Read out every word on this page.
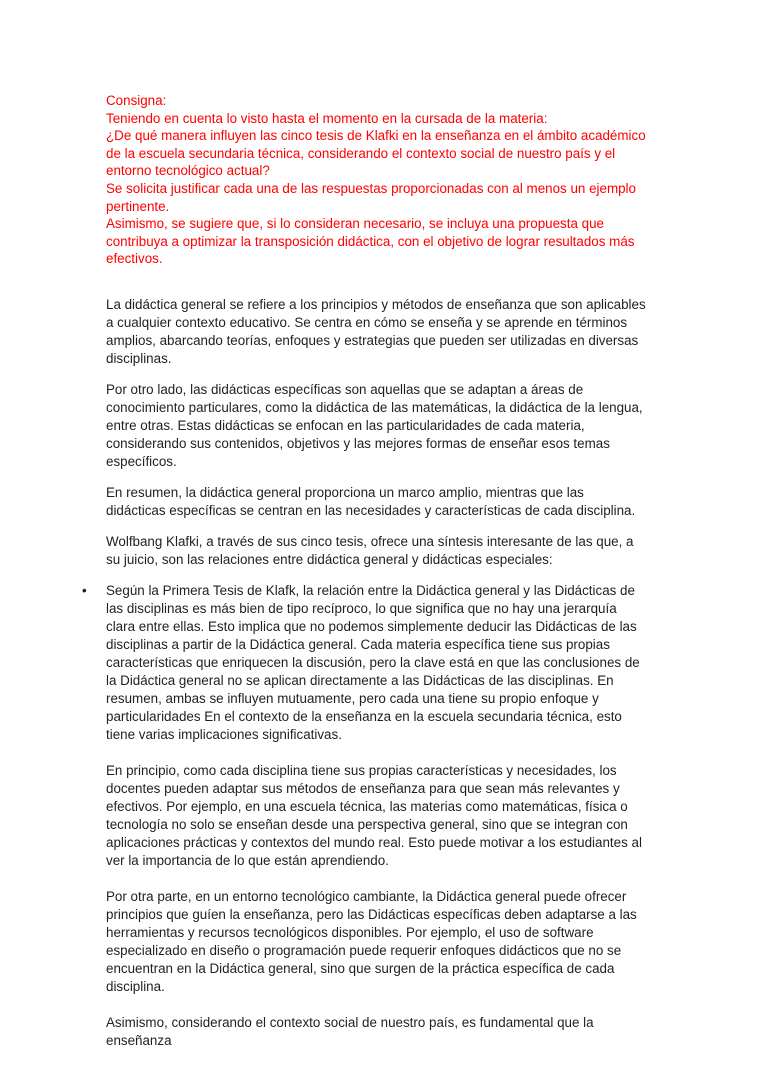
Consigna:

Teniendo en cuenta lo visto hasta el momento en la cursada de la materia:

¿De qué manera influyen las cinco tesis de Klafki en la enseñanza en el ámbito académico de la escuela secundaria técnica, considerando el contexto social de nuestro país y el entorno tecnológico actual?

Se solicita justificar cada una de las respuestas proporcionadas con al menos un ejemplo pertinente.

Asimismo, se sugiere que, si lo consideran necesario, se incluya una propuesta que contribuya a optimizar la transposición didáctica, con el objetivo de lograr resultados más efectivos.

La didáctica general se refiere a los principios y métodos de enseñanza que son aplicables a cualquier contexto educativo. Se centra en cómo se enseña y se aprende en términos amplios, abarcando teorías, enfoques y estrategias que pueden ser utilizadas en diversas disciplinas.

Por otro lado, las didácticas específicas son aquellas que se adaptan a áreas de conocimiento particulares, como la didáctica de las matemáticas, la didáctica de la lengua, entre otras. Estas didácticas se enfocan en las particularidades de cada materia, considerando sus contenidos, objetivos y las mejores formas de enseñar esos temas específicos.

En resumen, la didáctica general proporciona un marco amplio, mientras que las didácticas específicas se centran en las necesidades y características de cada disciplina.

Wolfbang Klafki, a través de sus cinco tesis, ofrece una síntesis interesante de las que, a su juicio, son las relaciones entre didáctica general y didácticas especiales:

• Según la Primera Tesis de Klafk, la relación entre la Didáctica general y las Didácticas de las disciplinas es más bien de tipo recíproco, lo que significa que no hay una jerarquía clara entre ellas. Esto implica que no podemos simplemente deducir las Didácticas de las disciplinas a partir de la Didáctica general. Cada materia específica tiene sus propias características que enriquecen la discusión, pero la clave está en que las conclusiones de la Didáctica general no se aplican directamente a las Didácticas de las disciplinas. En resumen, ambas se influyen mutuamente, pero cada una tiene su propio enfoque y particularidades En el contexto de la enseñanza en la escuela secundaria técnica, esto tiene varias implicaciones significativas.

En principio, como cada disciplina tiene sus propias características y necesidades, los docentes pueden adaptar sus métodos de enseñanza para que sean más relevantes y efectivos. Por ejemplo, en una escuela técnica, las materias como matemáticas, física o tecnología no solo se enseñan desde una perspectiva general, sino que se integran con aplicaciones prácticas y contextos del mundo real. Esto puede motivar a los estudiantes al ver la importancia de lo que están aprendiendo.

Por otra parte, en un entorno tecnológico cambiante, la Didáctica general puede ofrecer principios que guíen la enseñanza, pero las Didácticas específicas deben adaptarse a las herramientas y recursos tecnológicos disponibles. Por ejemplo, el uso de software especializado en diseño o programación puede requerir enfoques didácticos que no se encuentran en la Didáctica general, sino que surgen de la práctica específica de cada disciplina.

Asimismo, considerando el contexto social de nuestro país, es fundamental que la enseñanza
